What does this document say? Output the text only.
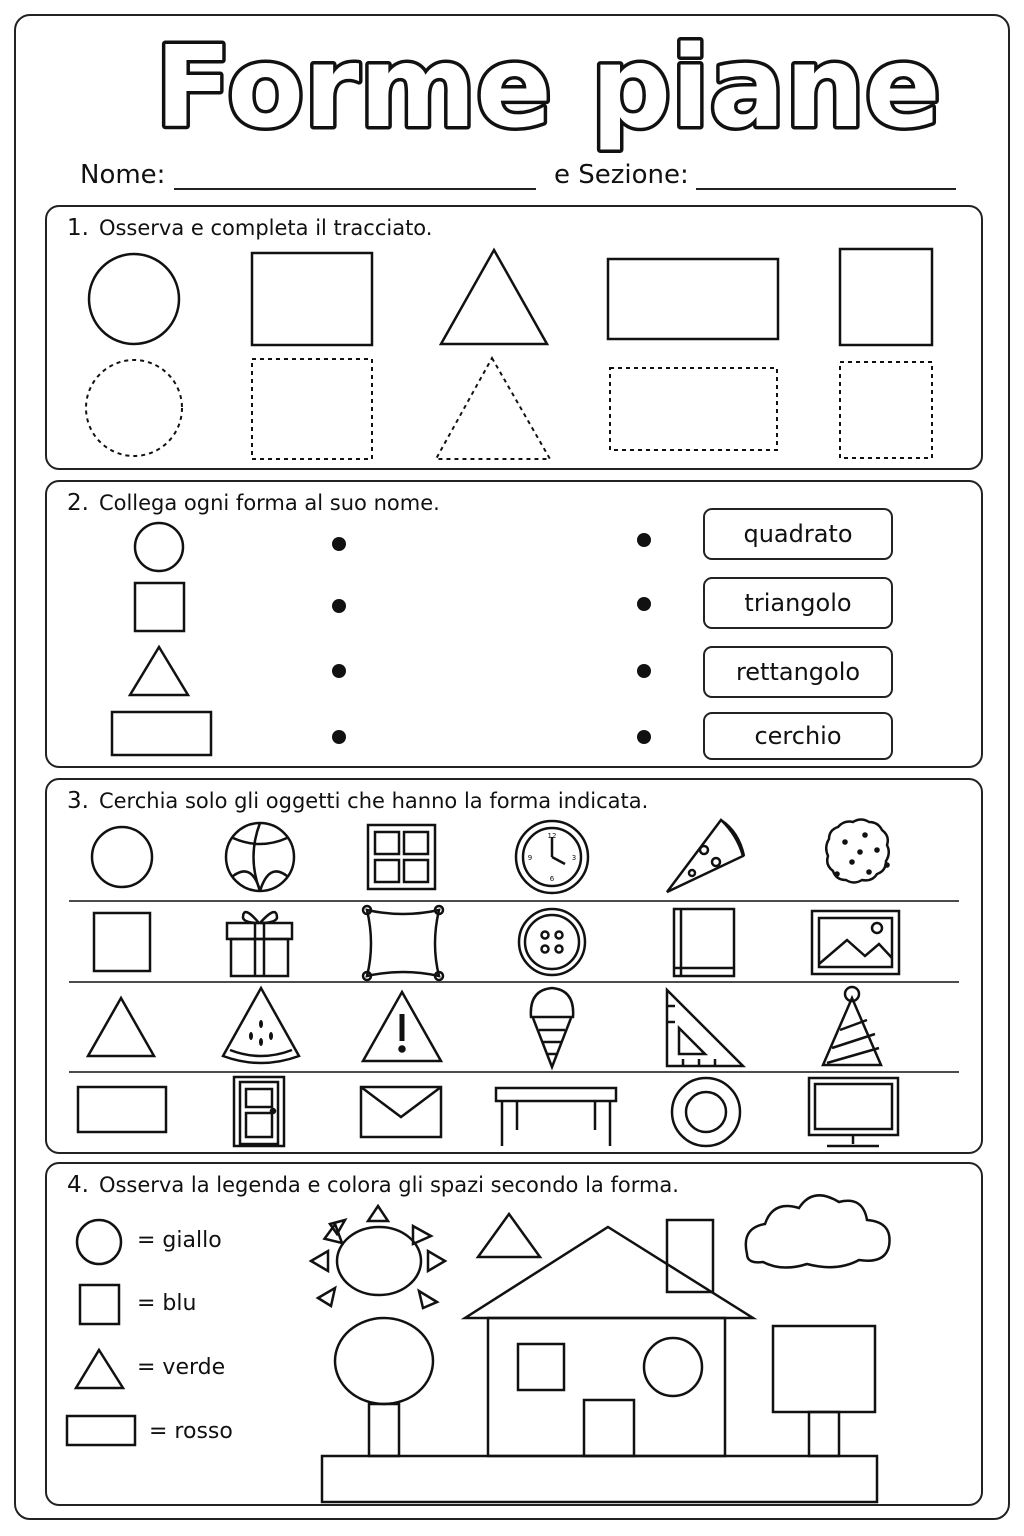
Forme piane
Nome:	e Sezione:
1. Osserva e completa il tracciato.
2. Collega ogni forma al suo nome.
quadrato
triangolo
rettangolo
cerchio
3. Cerchia solo gli oggetti che hanno la forma indicata.
12
3
6
9
4. Osserva la legenda e colora gli spazi secondo la forma.
= giallo
= blu
= verde
= rosso
